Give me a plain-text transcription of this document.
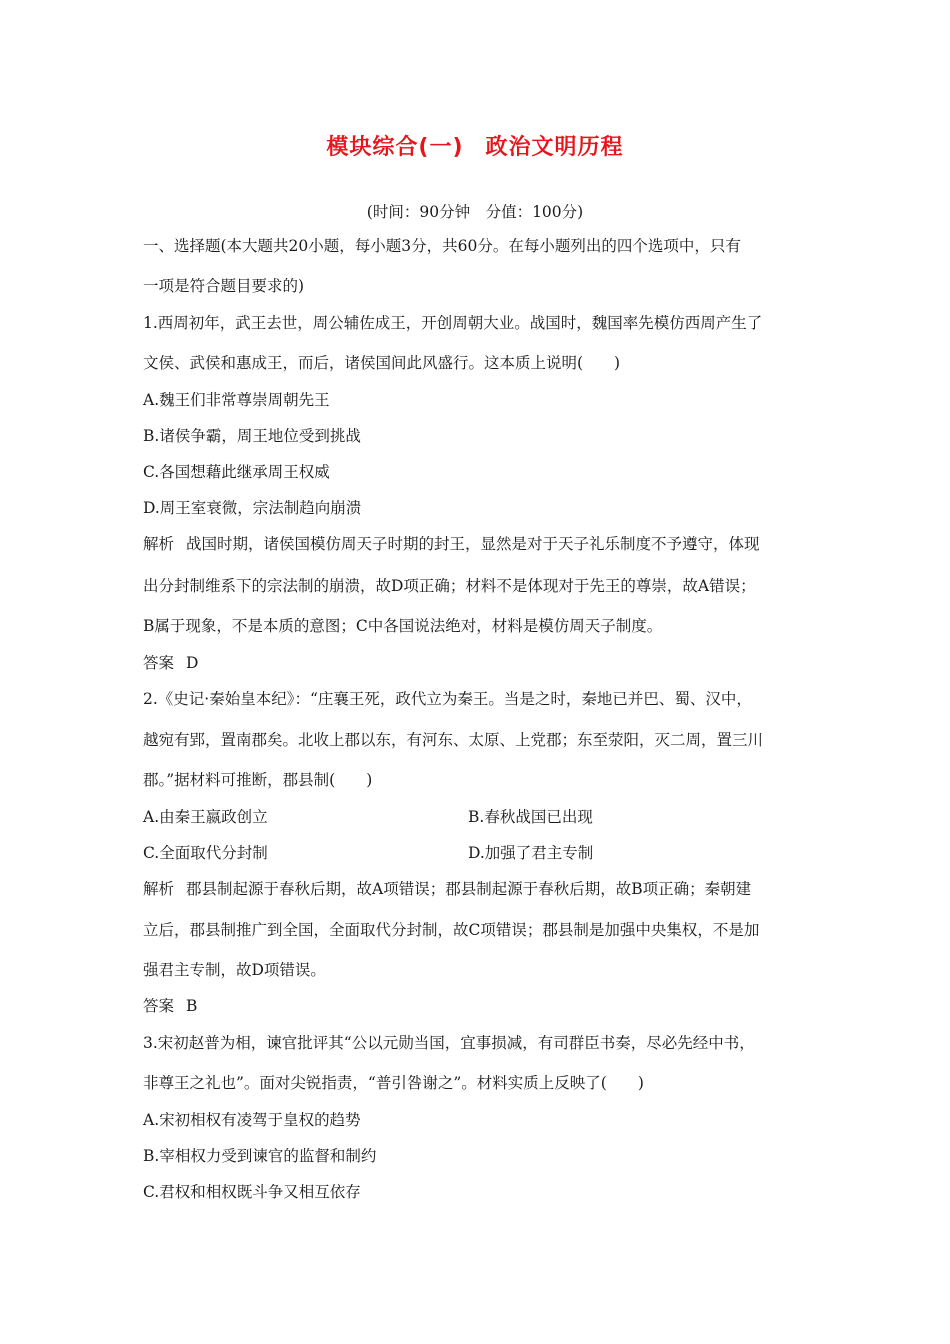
模块综合(一) 政治文明历程
(时间：90分钟　分值：100分)
一、选择题(本大题共20小题，每小题3分，共60分。在每小题列出的四个选项中，只有
一项是符合题目要求的)
1.西周初年，武王去世，周公辅佐成王，开创周朝大业。战国时，魏国率先模仿西周产生了
文侯、武侯和惠成王，而后，诸侯国间此风盛行。这本质上说明(　　)
A.魏王们非常尊崇周朝先王
B.诸侯争霸，周王地位受到挑战
C.各国想藉此继承周王权威
D.周王室衰微，宗法制趋向崩溃
解析 战国时期，诸侯国模仿周天子时期的封王，显然是对于天子礼乐制度不予遵守，体现
出分封制维系下的宗法制的崩溃，故D项正确；材料不是体现对于先王的尊崇，故A错误；
B属于现象，不是本质的意图；C中各国说法绝对，材料是模仿周天子制度。
答案 D
2.《史记·秦始皇本纪》：“庄襄王死，政代立为秦王。当是之时，秦地已并巴、蜀、汉中，
越宛有郢，置南郡矣。北收上郡以东，有河东、太原、上党郡；东至荥阳，灭二周，置三川
郡。”据材料可推断，郡县制(　　)
A.由秦王嬴政创立	B.春秋战国已出现
C.全面取代分封制	D.加强了君主专制
解析 郡县制起源于春秋后期，故A项错误；郡县制起源于春秋后期，故B项正确；秦朝建
立后，郡县制推广到全国，全面取代分封制，故C项错误；郡县制是加强中央集权，不是加
强君主专制，故D项错误。
答案 B
3.宋初赵普为相，谏官批评其“公以元勋当国，宜事损减，有司群臣书奏，尽必先经中书，
非尊王之礼也”。面对尖锐指责，“普引咎谢之”。材料实质上反映了(　　)
A.宋初相权有凌驾于皇权的趋势
B.宰相权力受到谏官的监督和制约
C.君权和相权既斗争又相互依存
